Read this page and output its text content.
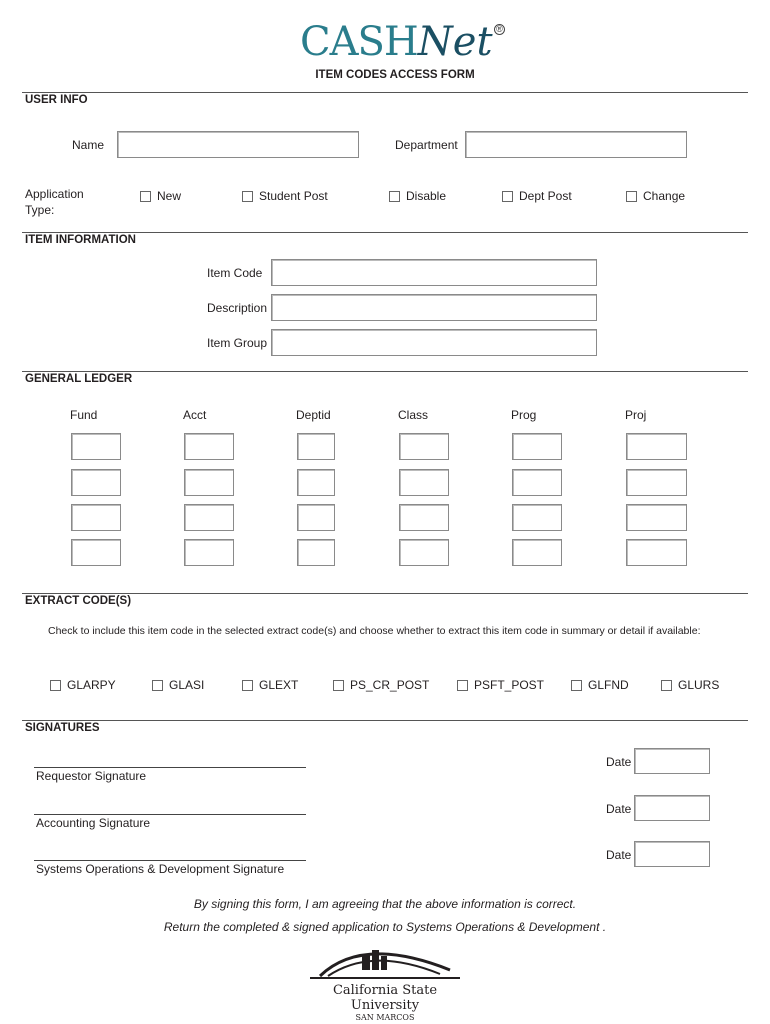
CASHNet ®
ITEM CODES ACCESS FORM
USER INFO
Name	Department
Application
Type:
New	Student Post	Disable	Dept Post	Change
ITEM INFORMATION
Item Code
Description
Item Group
GENERAL LEDGER
Fund	Acct	Deptid	Class	Prog	Proj
EXTRACT CODE(S)
Check to include this item code in the selected extract code(s) and choose whether to extract this item code in summary or detail if available:
GLARPY	GLASI	GLEXT	PS_CR_POST	PSFT_POST	GLFND	GLURS
SIGNATURES
Requestor Signature
Date
Accounting Signature
Date
Systems Operations & Development Signature
Date
By signing this form, I am agreeing that the above information is correct.
Return the completed & signed application to Systems Operations & Development .
California State University
SAN MARCOS
